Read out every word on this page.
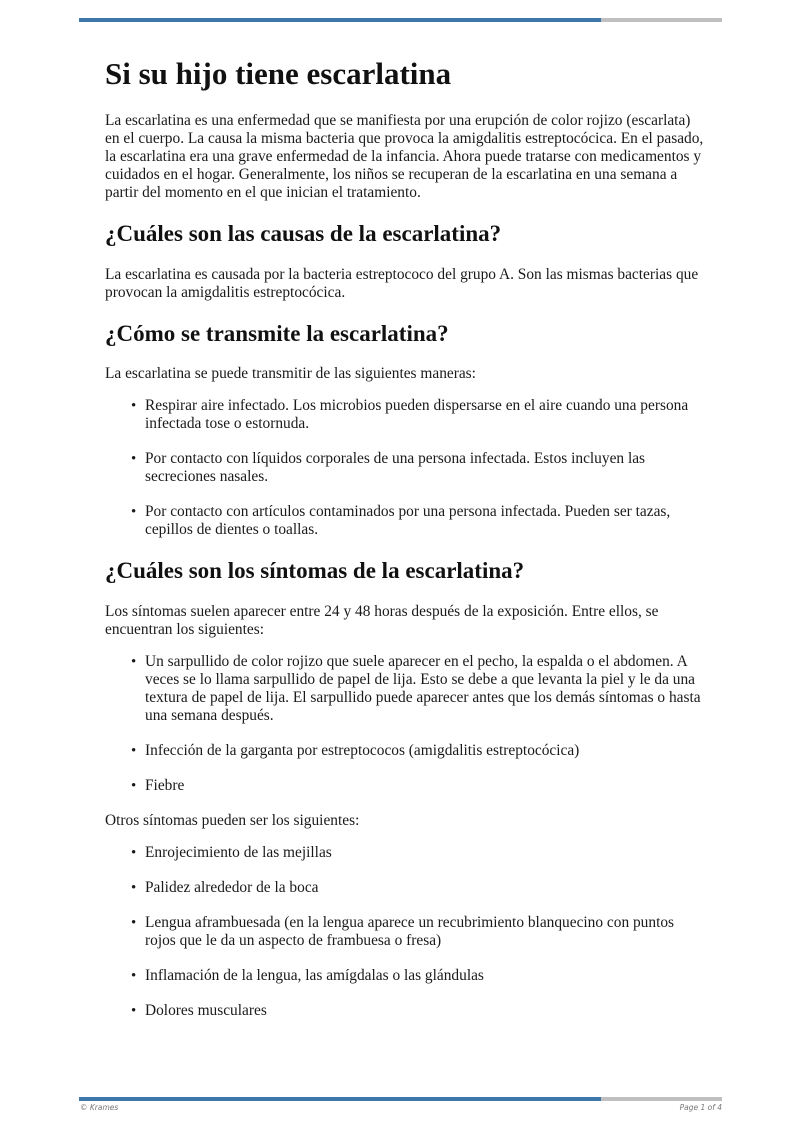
Si su hijo tiene escarlatina

La escarlatina es una enfermedad que se manifiesta por una erupción de color rojizo (escarlata) en el cuerpo. La causa la misma bacteria que provoca la amigdalitis estreptocócica. En el pasado, la escarlatina era una grave enfermedad de la infancia. Ahora puede tratarse con medicamentos y cuidados en el hogar. Generalmente, los niños se recuperan de la escarlatina en una semana a partir del momento en el que inician el tratamiento.

¿Cuáles son las causas de la escarlatina?

La escarlatina es causada por la bacteria estreptococo del grupo A. Son las mismas bacterias que provocan la amigdalitis estreptocócica.

¿Cómo se transmite la escarlatina?

La escarlatina se puede transmitir de las siguientes maneras:

• Respirar aire infectado. Los microbios pueden dispersarse en el aire cuando una persona infectada tose o estornuda.
• Por contacto con líquidos corporales de una persona infectada. Estos incluyen las secreciones nasales.
• Por contacto con artículos contaminados por una persona infectada. Pueden ser tazas, cepillos de dientes o toallas.
¿Cuáles son los síntomas de la escarlatina?

Los síntomas suelen aparecer entre 24 y 48 horas después de la exposición. Entre ellos, se encuentran los siguientes:

• Un sarpullido de color rojizo que suele aparecer en el pecho, la espalda o el abdomen. A veces se lo llama sarpullido de papel de lija. Esto se debe a que levanta la piel y le da una textura de papel de lija. El sarpullido puede aparecer antes que los demás síntomas o hasta una semana después.
• Infección de la garganta por estreptococos (amigdalitis estreptocócica)
• Fiebre

Otros síntomas pueden ser los siguientes:

• Enrojecimiento de las mejillas
• Palidez alrededor de la boca
• Lengua aframbuesada (en la lengua aparece un recubrimiento blanquecino con puntos rojos que le da un aspecto de frambuesa o fresa)
• Inflamación de la lengua, las amígdalas o las glándulas
• Dolores musculares
© Krames	Page 1 of 4
